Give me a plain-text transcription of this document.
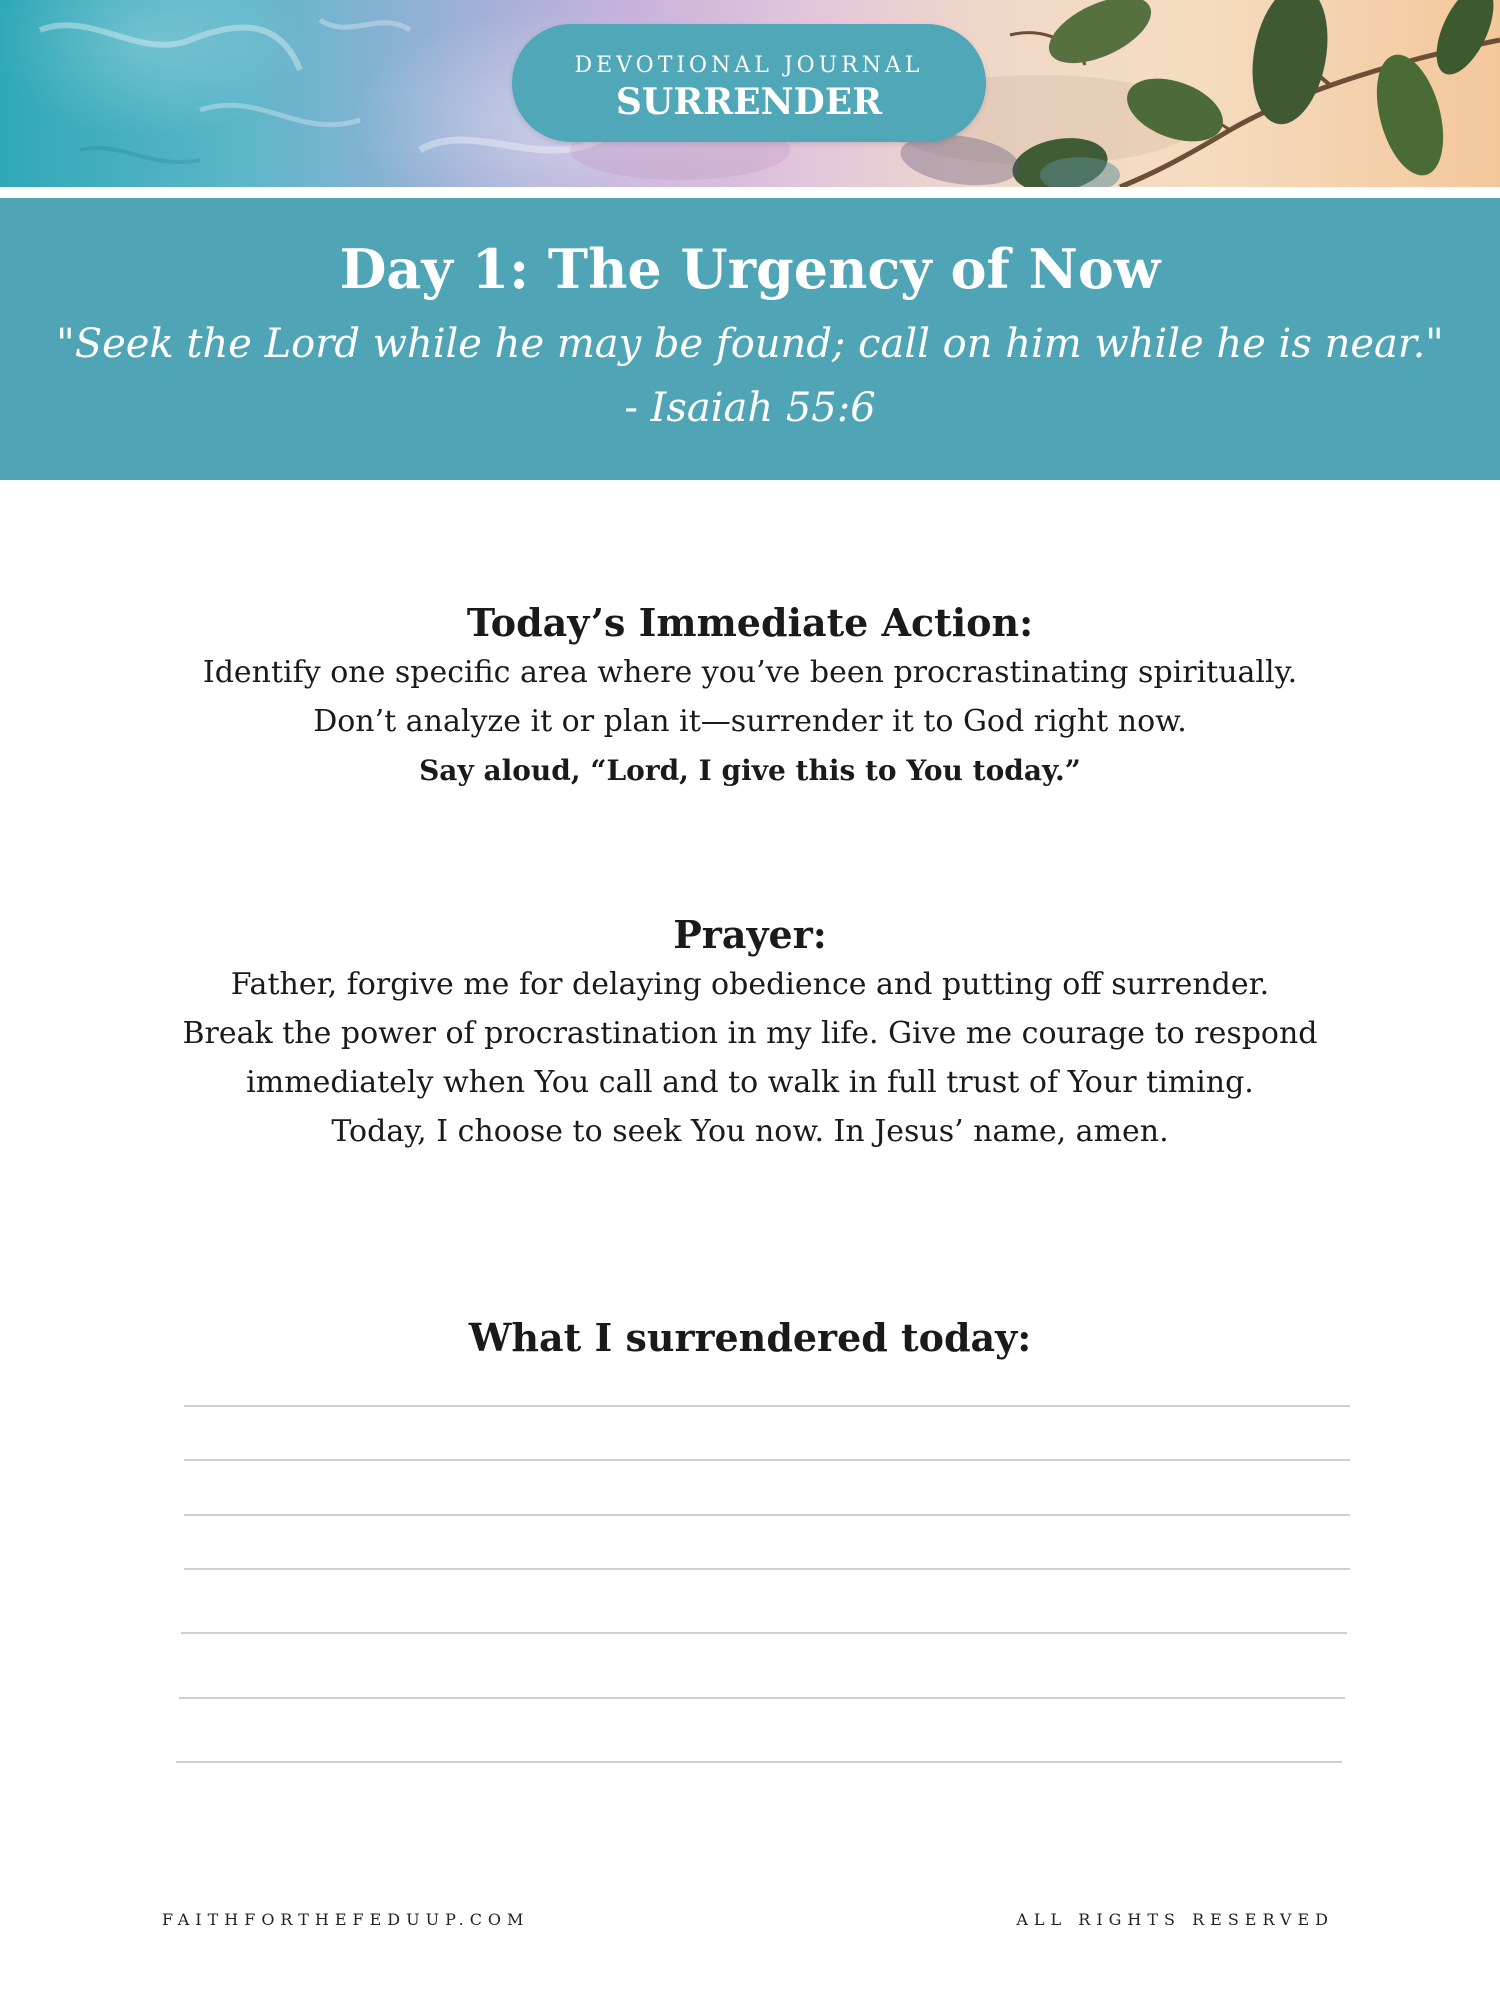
DEVOTIONAL JOURNAL
SURRENDER
Day 1: The Urgency of Now
"Seek the Lord while he may be found; call on him while he is near."
- Isaiah 55:6

Today’s Immediate Action:

Identify one specific area where you’ve been procrastinating spiritually.

Don’t analyze it or plan it—surrender it to God right now.

Say aloud, “Lord, I give this to You today.”

Prayer:

Father, forgive me for delaying obedience and putting off surrender.

Break the power of procrastination in my life. Give me courage to respond

immediately when You call and to walk in full trust of Your timing.

Today, I choose to seek You now. In Jesus’ name, amen.

What I surrendered today:

FAITHFORTHEFEDUUP.COM	ALL RIGHTS RESERVED
